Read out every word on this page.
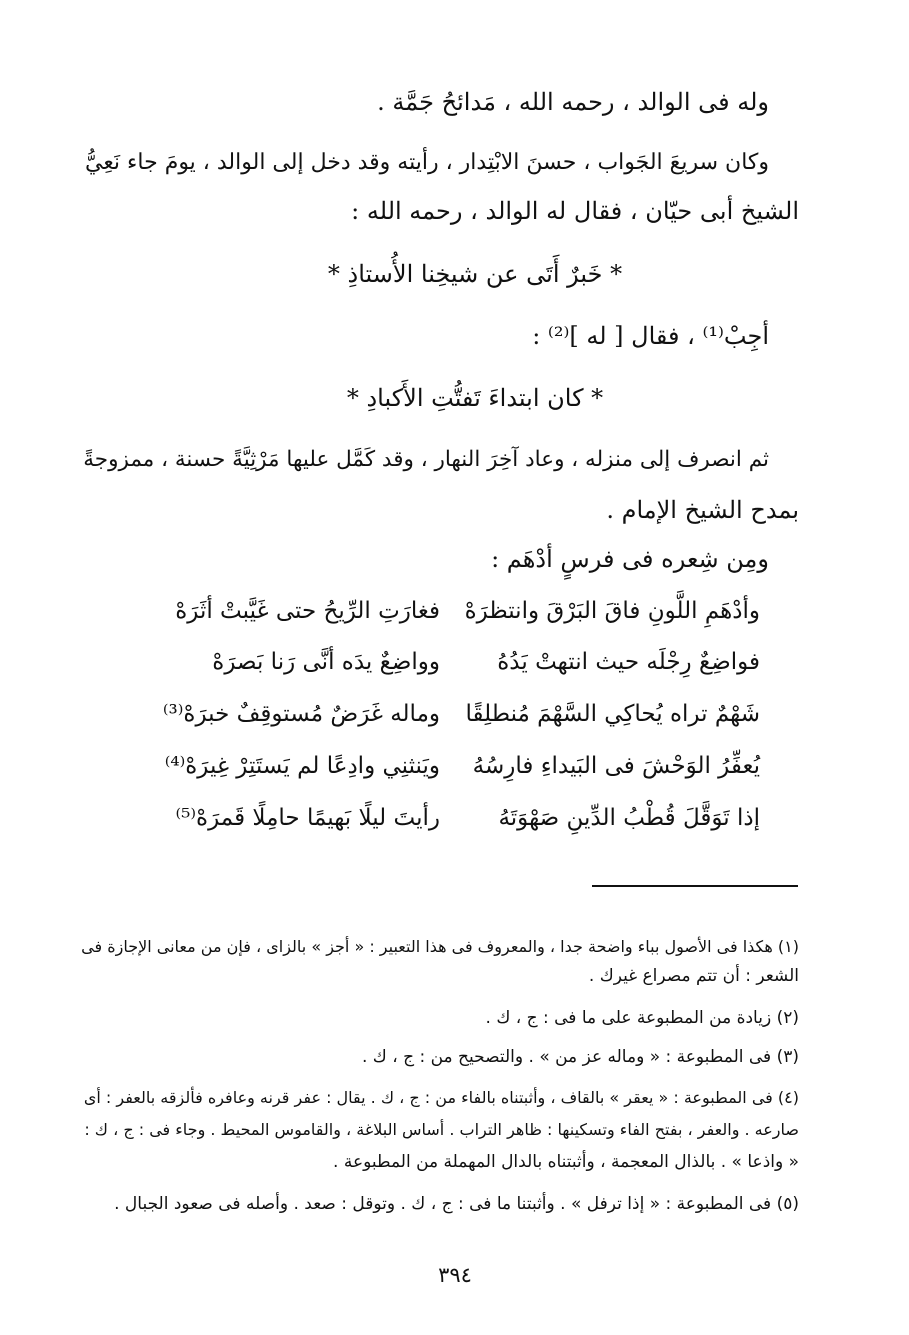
وله فى الوالد ، رحمه الله ، مَدائحُ جَمَّة .
وكان سريعَ الجَواب ، حسنَ الابْتِدار ، رأيته وقد دخل إلى الوالد ، يومَ جاء نَعِيُّ
الشيخ أبى حيّان ، فقال له الوالد ، رحمه الله :
* خَبرٌ أَتَى عن شيخِنا الأُستاذِ *
أجِبْ⁽¹⁾ ، فقال [ له ]⁽²⁾ :
* كان ابتداءَ تَفتُّتِ الأَكبادِ *
ثم انصرف إلى منزله ، وعاد آخِرَ النهار ، وقد كَمَّل عليها مَرْثِيَّةً حسنة ، ممزوجةً
بمدح الشيخ الإمام .
ومِن شِعره فى فرسٍ أدْهَم :
وأدْهَمِ اللَّونِ فاقَ البَرْقَ وانتظرَهْ
فغارَتِ الرِّيحُ حتى غَيَّبتْ أثَرَهْ
فواضِعٌ رِجْلَه حيث انتهتْ يَدُهُ
وواضِعٌ يدَه أنَّى رَنا بَصرَهْ
شَهْمٌ تراه يُحاكِي السَّهْمَ مُنطلِقًا
وماله غَرَضٌ مُستوقِفٌ خبرَهْ⁽³⁾
يُعفِّرُ الوَحْشَ فى البَيداءِ فارِسُهُ
ويَنثنِي وادِعًا لم يَستَتِرْ غِيرَهْ⁽⁴⁾
إذا تَوَقَّلَ قُطْبُ الدِّينِ صَهْوَتَهُ
رأيتَ ليلًا بَهيمًا حامِلًا قَمرَهْ⁽⁵⁾
(١) هكذا فى الأصول بباء واضحة جدا ، والمعروف فى هذا التعبير : « أجز » بالزاى ، فإن من معانى الإجازة فى
الشعر : أن تتم مصراع غيرك .
(٢) زيادة من المطبوعة على ما فى : ج ، ك .
(٣) فى المطبوعة : « وماله عز من » . والتصحيح من : ج ، ك .
(٤) فى المطبوعة : « يعقر » بالقاف ، وأثبتناه بالفاء من : ج ، ك . يقال : عفر قرنه وعافره فألزقه بالعفر : أى
صارعه . والعفر ، بفتح الفاء وتسكينها : ظاهر التراب . أساس البلاغة ، والقاموس المحيط . وجاء فى : ج ، ك :
« واذعا » . بالذال المعجمة ، وأثبتناه بالدال المهملة من المطبوعة .
(٥) فى المطبوعة : « إذا ترفل » . وأثبتنا ما فى : ج ، ك . وتوقل : صعد . وأصله فى صعود الجبال .
٣٩٤
